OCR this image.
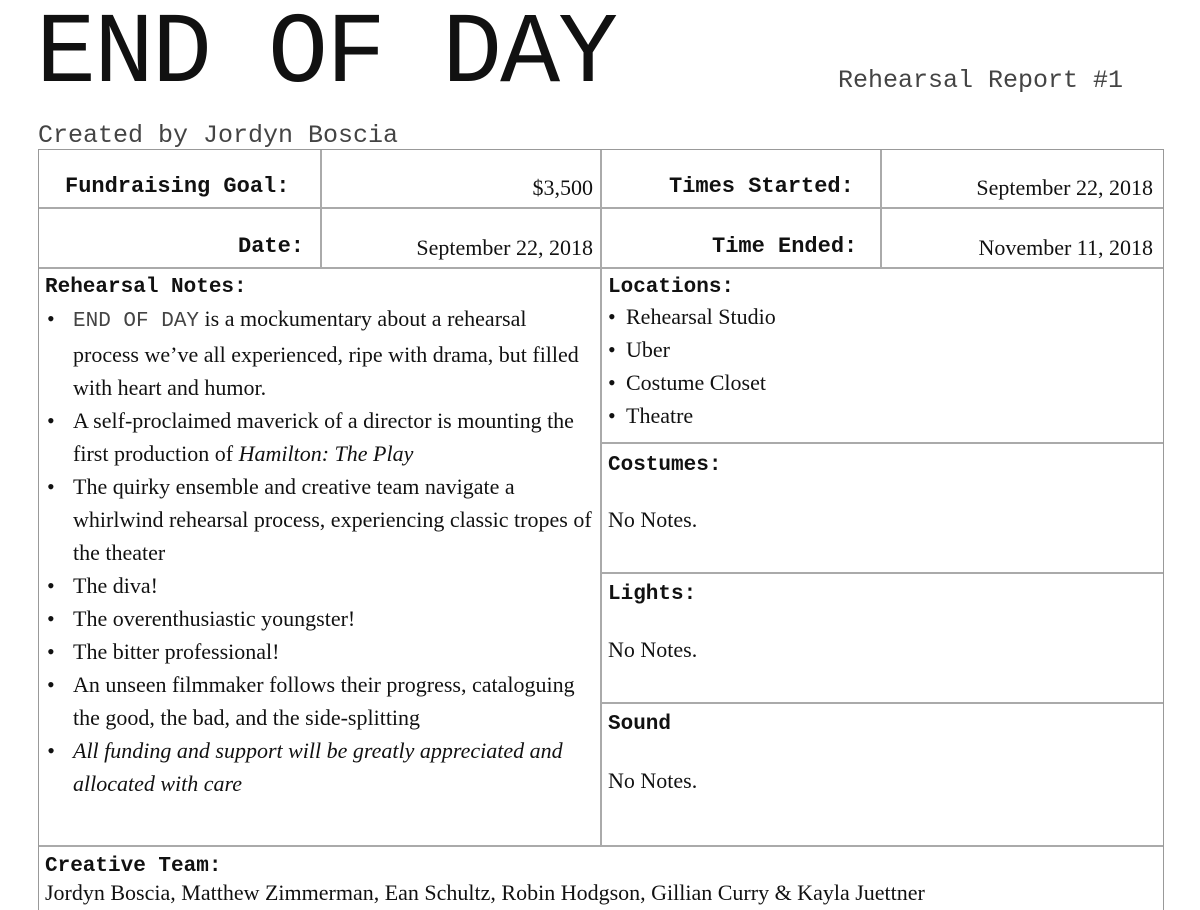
END OF DAY	Rehearsal Report #1
Created by Jordyn Boscia
Fundraising Goal:	$3,500	Times Started:	September 22, 2018
Date:	September 22, 2018	Time Ended:	November 11, 2018
Rehearsal Notes:
• END OF DAY is a mockumentary about a rehearsal process we’ve all experienced, ripe with drama, but filled with heart and humor.
• A self-proclaimed maverick of a director is mounting the first production of Hamilton: The Play
• The quirky ensemble and creative team navigate a whirlwind rehearsal process, experiencing classic tropes of the theater
• The diva!
• The overenthusiastic youngster!
• The bitter professional!
• An unseen filmmaker follows their progress, cataloguing the good, the bad, and the side-splitting
• All funding and support will be greatly appreciated and allocated with care
Locations:
• Rehearsal Studio
• Uber
• Costume Closet
• Theatre
Costumes:
No Notes.
Lights:
No Notes.
Sound
No Notes.
Creative Team:
Jordyn Boscia, Matthew Zimmerman, Ean Schultz, Robin Hodgson, Gillian Curry & Kayla Juettner
